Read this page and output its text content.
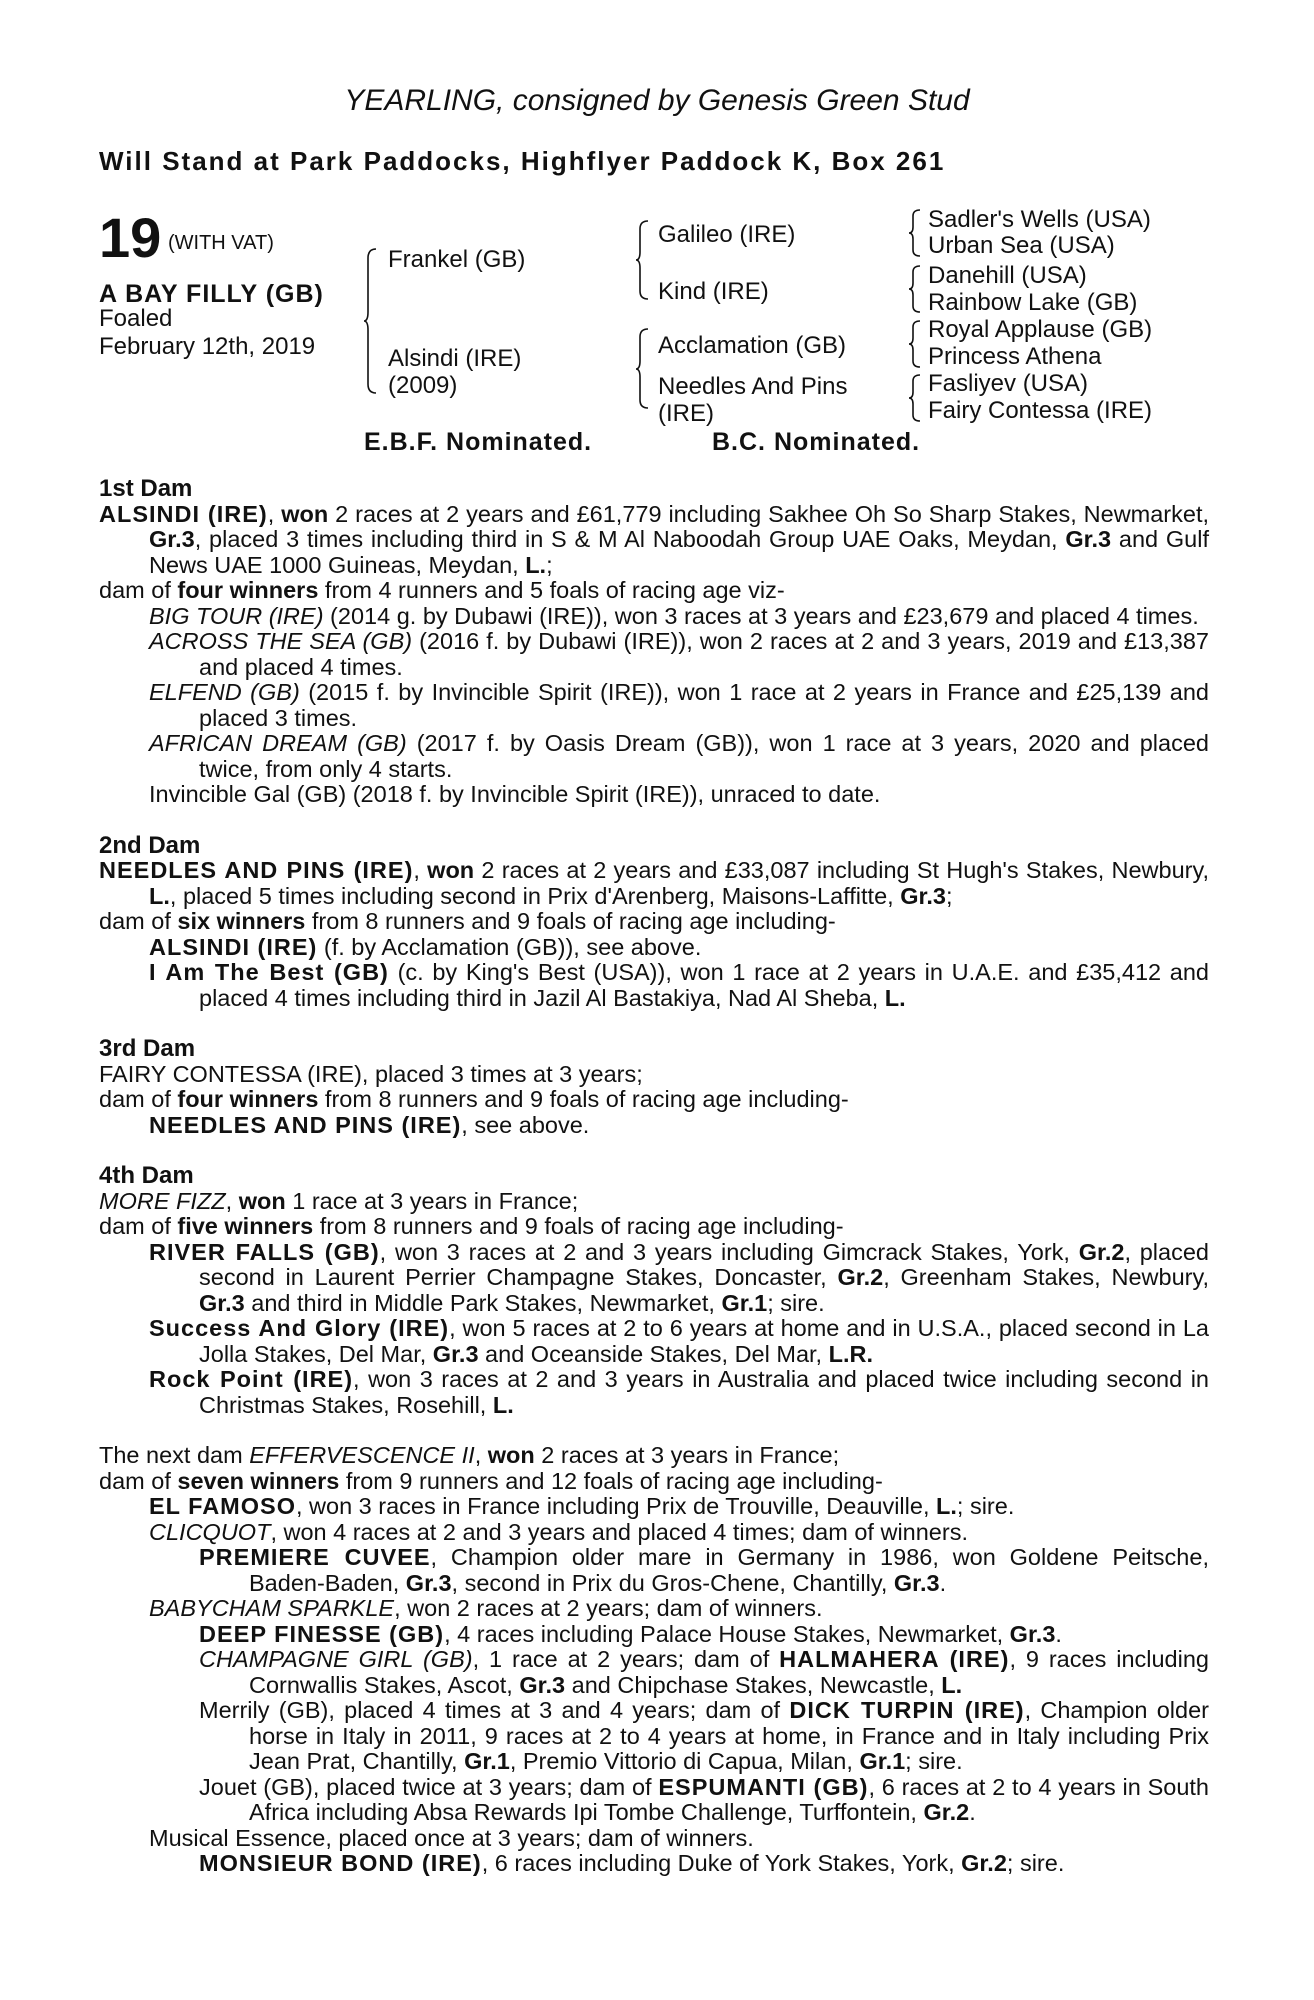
YEARLING, consigned by Genesis Green Stud
Will Stand at Park Paddocks, Highflyer Paddock K, Box 261
19 (WITH VAT)
A BAY FILLY (GB)
Foaled
February 12th, 2019
Frankel (GB)
Alsindi (IRE)
(2009)
Galileo (IRE)
Kind (IRE)
Acclamation (GB)
Needles And Pins
(IRE)
Sadler's Wells (USA)
Urban Sea (USA)
Danehill (USA)
Rainbow Lake (GB)
Royal Applause (GB)
Princess Athena
Fasliyev (USA)
Fairy Contessa (IRE)
E.B.F. Nominated.	B.C. Nominated.

1st Dam

ALSINDI (IRE), won 2 races at 2 years and £61,779 including Sakhee Oh So Sharp Stakes, Newmarket, Gr.3, placed 3 times including third in S & M Al Naboodah Group UAE Oaks, Meydan, Gr.3 and Gulf News UAE 1000 Guineas, Meydan, L.;

dam of four winners from 4 runners and 5 foals of racing age viz-

BIG TOUR (IRE) (2014 g. by Dubawi (IRE)), won 3 races at 3 years and £23,679 and placed 4 times.

ACROSS THE SEA (GB) (2016 f. by Dubawi (IRE)), won 2 races at 2 and 3 years, 2019 and £13,387 and placed 4 times.

ELFEND (GB) (2015 f. by Invincible Spirit (IRE)), won 1 race at 2 years in France and £25,139 and placed 3 times.

AFRICAN DREAM (GB) (2017 f. by Oasis Dream (GB)), won 1 race at 3 years, 2020 and placed twice, from only 4 starts.

Invincible Gal (GB) (2018 f. by Invincible Spirit (IRE)), unraced to date.

2nd Dam

NEEDLES AND PINS (IRE), won 2 races at 2 years and £33,087 including St Hugh's Stakes, Newbury, L., placed 5 times including second in Prix d'Arenberg, Maisons-Laffitte, Gr.3;

dam of six winners from 8 runners and 9 foals of racing age including-

ALSINDI (IRE) (f. by Acclamation (GB)), see above.

I Am The Best (GB) (c. by King's Best (USA)), won 1 race at 2 years in U.A.E. and £35,412 and placed 4 times including third in Jazil Al Bastakiya, Nad Al Sheba, L.

3rd Dam

FAIRY CONTESSA (IRE), placed 3 times at 3 years;

dam of four winners from 8 runners and 9 foals of racing age including-

NEEDLES AND PINS (IRE), see above.

4th Dam

MORE FIZZ, won 1 race at 3 years in France;

dam of five winners from 8 runners and 9 foals of racing age including-

RIVER FALLS (GB), won 3 races at 2 and 3 years including Gimcrack Stakes, York, Gr.2, placed second in Laurent Perrier Champagne Stakes, Doncaster, Gr.2, Greenham Stakes, Newbury, Gr.3 and third in Middle Park Stakes, Newmarket, Gr.1; sire.

Success And Glory (IRE), won 5 races at 2 to 6 years at home and in U.S.A., placed second in La Jolla Stakes, Del Mar, Gr.3 and Oceanside Stakes, Del Mar, L.R.

Rock Point (IRE), won 3 races at 2 and 3 years in Australia and placed twice including second in Christmas Stakes, Rosehill, L.

The next dam EFFERVESCENCE II, won 2 races at 3 years in France;

dam of seven winners from 9 runners and 12 foals of racing age including-

EL FAMOSO, won 3 races in France including Prix de Trouville, Deauville, L.; sire.

CLICQUOT, won 4 races at 2 and 3 years and placed 4 times; dam of winners.

PREMIERE CUVEE, Champion older mare in Germany in 1986, won Goldene Peitsche, Baden-Baden, Gr.3, second in Prix du Gros-Chene, Chantilly, Gr.3.

BABYCHAM SPARKLE, won 2 races at 2 years; dam of winners.

DEEP FINESSE (GB), 4 races including Palace House Stakes, Newmarket, Gr.3.

CHAMPAGNE GIRL (GB), 1 race at 2 years; dam of HALMAHERA (IRE), 9 races including Cornwallis Stakes, Ascot, Gr.3 and Chipchase Stakes, Newcastle, L.

Merrily (GB), placed 4 times at 3 and 4 years; dam of DICK TURPIN (IRE), Champion older horse in Italy in 2011, 9 races at 2 to 4 years at home, in France and in Italy including Prix Jean Prat, Chantilly, Gr.1, Premio Vittorio di Capua, Milan, Gr.1; sire.

Jouet (GB), placed twice at 3 years; dam of ESPUMANTI (GB), 6 races at 2 to 4 years in South Africa including Absa Rewards Ipi Tombe Challenge, Turffontein, Gr.2.

Musical Essence, placed once at 3 years; dam of winners.

MONSIEUR BOND (IRE), 6 races including Duke of York Stakes, York, Gr.2; sire.
